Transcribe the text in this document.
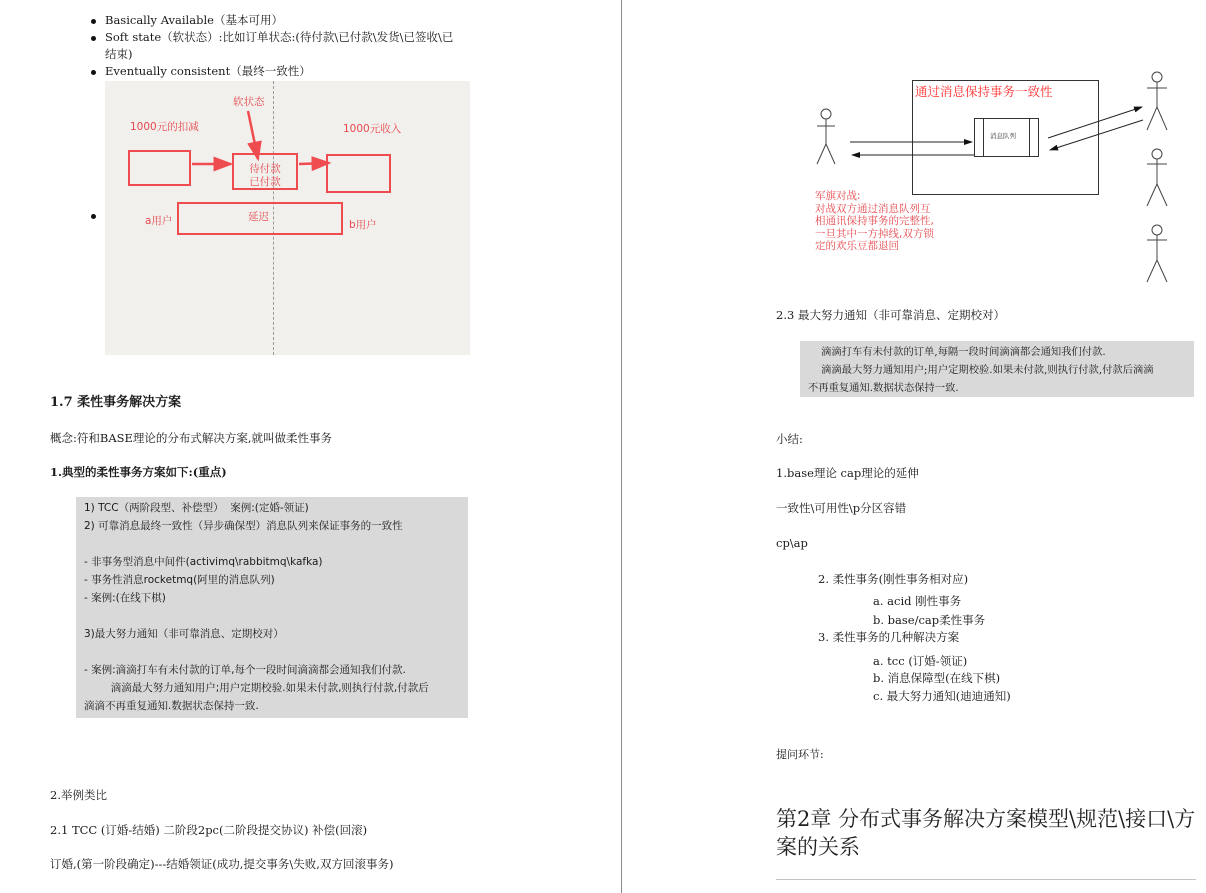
Basically Available（基本可用）
Soft state（软状态）:比如订单状态:(待付款\已付款\发货\已签收\已
结束)
Eventually consistent（最终一致性）
软状态
1000元的扣减	1000元收入
待付款
已付款
a用户	延迟
b用户
1.7 柔性事务解决方案
概念:符和BASE理论的分布式解决方案,就叫做柔性事务
1.典型的柔性事务方案如下:(重点)
1) TCC（两阶段型、补偿型）  案例:(定婚-领证)
2) 可靠消息最终一致性（异步确保型）消息队列来保证事务的一致性
- 非事务型消息中间件(activimq\rabbitmq\kafka)
- 事务性消息rocketmq(阿里的消息队列)
- 案例:(在线下棋)
3)最大努力通知（非可靠消息、定期校对）
- 案例:滴滴打车有未付款的订单,每个一段时间滴滴都会通知我们付款.
滴滴最大努力通知用户;用户定期校验.如果未付款,则执行付款,付款后
滴滴不再重复通知.数据状态保持一致.
2.举例类比
2.1 TCC (订婚-结婚) 二阶段2pc(二阶段提交协议) 补偿(回滚)
订婚,(第一阶段确定)---结婚领证(成功,提交事务\失败,双方回滚事务)
通过消息保持事务一致性
消息队列
军旗对战:
对战双方通过消息队列互
相通讯保持事务的完整性,
一旦其中一方掉线,双方锁
定的欢乐豆都退回
2.3 最大努力通知（非可靠消息、定期校对）
滴滴打车有未付款的订单,每隔一段时间滴滴都会通知我们付款.
滴滴最大努力通知用户;用户定期校验.如果未付款,则执行付款,付款后滴滴
不再重复通知.数据状态保持一致.
小结:
1.base理论 cap理论的延伸
一致性\可用性\p分区容错
cp\ap
2. 柔性事务(刚性事务相对应)
a. acid 刚性事务
b. base/cap柔性事务
3. 柔性事务的几种解决方案
a. tcc (订婚-领证)
b. 消息保障型(在线下棋)
c. 最大努力通知(迪迪通知)
提问环节:
第2章 分布式事务解决方案模型\规范\接口\方案的关系
